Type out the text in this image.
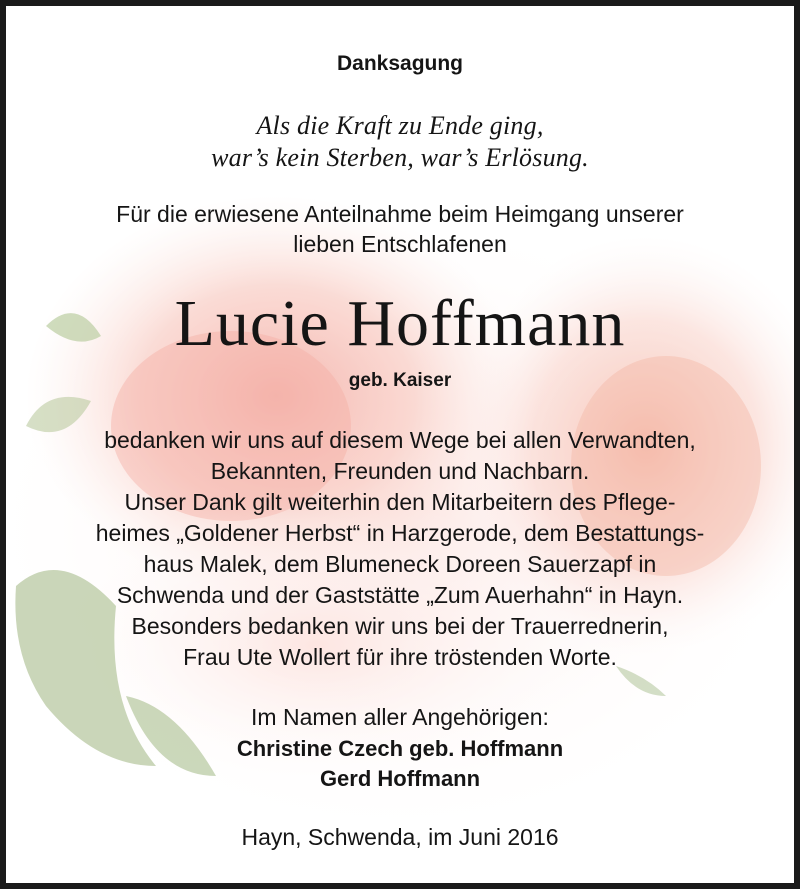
Danksagung
Als die Kraft zu Ende ging,
war’s kein Sterben, war’s Erlösung.
Für die erwiesene Anteilnahme beim Heimgang unserer
lieben Entschlafenen
Lucie Hoffmann
geb. Kaiser
bedanken wir uns auf diesem Wege bei allen Verwandten,
Bekannten, Freunden und Nachbarn.
Unser Dank gilt weiterhin den Mitarbeitern des Pflege-
heimes „Goldener Herbst“ in Harzgerode, dem Bestattungs-
haus Malek, dem Blumeneck Doreen Sauerzapf in
Schwenda und der Gaststätte „Zum Auerhahn“ in Hayn.
Besonders bedanken wir uns bei der Trauerrednerin,
Frau Ute Wollert für ihre tröstenden Worte.
Im Namen aller Angehörigen:
Christine Czech geb. Hoffmann
Gerd Hoffmann
Hayn, Schwenda, im Juni 2016
